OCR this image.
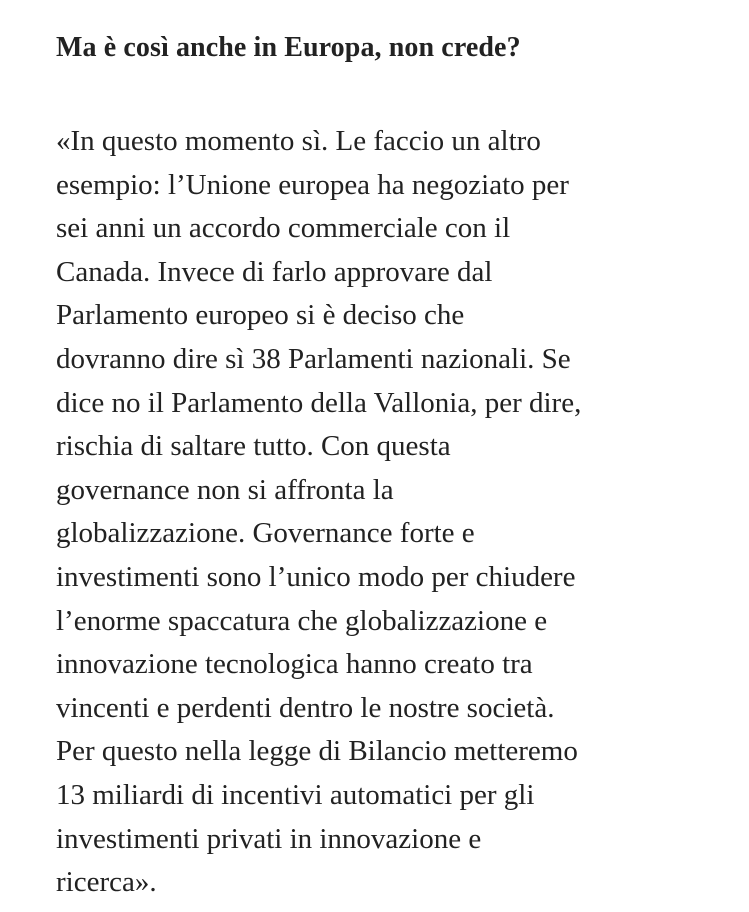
Ma è così anche in Europa, non crede?

«In questo momento sì. Le faccio un altro
esempio: l’Unione europea ha negoziato per
sei anni un accordo commerciale con il
Canada. Invece di farlo approvare dal
Parlamento europeo si è deciso che
dovranno dire sì 38 Parlamenti nazionali. Se
dice no il Parlamento della Vallonia, per dire,
rischia di saltare tutto. Con questa
governance non si affronta la
globalizzazione. Governance forte e
investimenti sono l’unico modo per chiudere
l’enorme spaccatura che globalizzazione e
innovazione tecnologica hanno creato tra
vincenti e perdenti dentro le nostre società.
Per questo nella legge di Bilancio metteremo
13 miliardi di incentivi automatici per gli
investimenti privati in innovazione e
ricerca».
